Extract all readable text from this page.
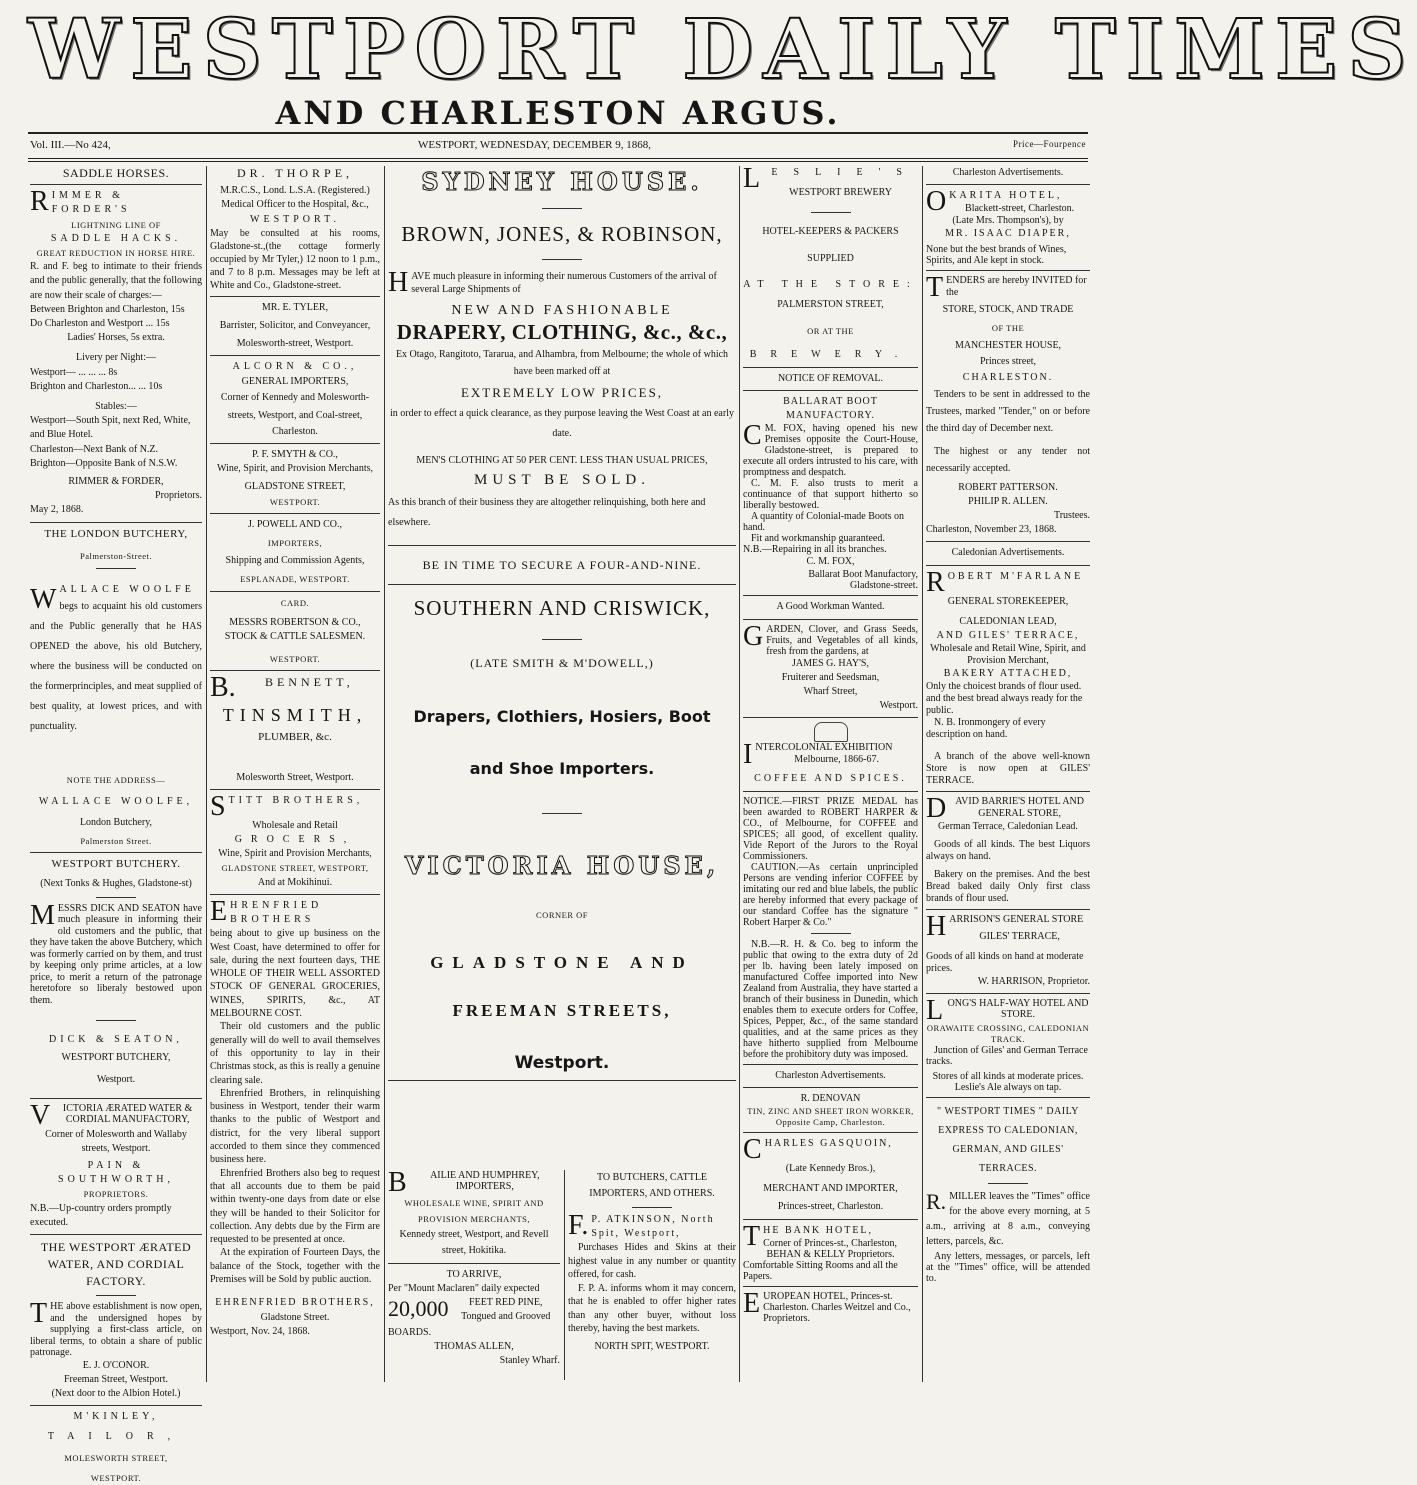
WESTPORT DAILY TIMES
AND CHARLESTON ARGUS.
Vol. III.—No 424,	WESTPORT, WEDNESDAY, DECEMBER 9, 1868,	Price—Fourpence
SADDLE HORSES.
R IMMER & FORDER'S

LIGHTNING LINE OF

SADDLE HACKS.

GREAT REDUCTION IN HORSE HIRE.

R. and F. beg to intimate to their friends and the public generally, that the following are now their scale of charges:—

Between Brighton and Charleston, 15s

Do Charleston and Westport ... 15s

Ladies' Horses, 5s extra.

Livery per Night:—

Westport— ... ... ... 8s

Brighton and Charleston... ... 10s

Stables:—

Westport—South Spit, next Red, White, and Blue Hotel.

Charleston—Next Bank of N.Z.

Brighton—Opposite Bank of N.S.W.

RIMMER & FORDER,

Proprietors.

May 2, 1868.

THE LONDON BUTCHERY,

Palmerston-Street.

W ALLACE WOOLFE

begs to acquaint his old customers and the Public generally that he HAS OPENED the above, his old Butchery, where the business will be conducted on the formerprinciples, and meat supplied of best quality, at lowest prices, and with punctuality.

NOTE THE ADDRESS—

WALLACE WOOLFE,

London Butchery,

Palmerston Street.

WESTPORT BUTCHERY.

(Next Tonks & Hughes, Gladstone-st)

M ESSRS DICK AND SEATON have much pleasure in informing their old customers and the public, that they have taken the above Butchery, which was formerly carried on by them, and trust by keeping only prime articles, at a low price, to merit a return of the patronage heretofore so liberaly bestowed upon them.

DICK & SEATON,

WESTPORT BUTCHERY,

Westport.

V	ICTORIA ÆRATED WATER & CORDIAL MANUFACTORY,

Corner of Molesworth and Wallaby streets, Westport.

PAIN & SOUTHWORTH,

PROPRIETORS.

N.B.—Up-country orders promptly executed.

THE WESTPORT ÆRATED WATER, AND CORDIAL FACTORY.

T HE above establishment is now open, and the undersigned hopes by supplying a first-class article, on liberal terms, to obtain a share of public patronage.

E. J. O'CONOR.

Freeman Street, Westport.

(Next door to the Albion Hotel.)

M'KINLEY,

TAILOR,

MOLESWORTH STREET,

WESTPORT.

DR. THORPE,

M.R.C.S., Lond. L.S.A. (Registered.)

Medical Officer to the Hospital, &c.,

WESTPORT.

May be consulted at his rooms, Gladstone-st.,(the cottage formerly occupied by Mr Tyler,) 12 noon to 1 p.m., and 7 to 8 p.m. Messages may be left at White and Co., Gladstone-street.

MR. E. TYLER,

Barrister, Solicitor, and Conveyancer,

Molesworth-street, Westport.

ALCORN & CO.,

GENERAL IMPORTERS,

Corner of Kennedy and Molesworth-streets, Westport, and Coal-street,

Charleston.

P. F. SMYTH & CO.,

Wine, Spirit, and Provision Merchants,

GLADSTONE STREET,

WESTPORT.

J. POWELL AND CO.,

IMPORTERS,

Shipping and Commission Agents,

ESPLANADE, WESTPORT.

CARD.

MESSRS ROBERTSON & CO.,

STOCK & CATTLE SALESMEN.

WESTPORT.

B.	BENNETT,

TINSMITH,

PLUMBER, &c.

Molesworth Street, Westport.

S TITT BROTHERS,

Wholesale and Retail

GROCERS,

Wine, Spirit and Provision Merchants,

GLADSTONE STREET, WESTPORT,

And at Mokihinui.

E HRENFRIED BROTHERS

being about to give up business on the West Coast, have determined to offer for sale, during the next fourteen days, THE WHOLE OF THEIR WELL ASSORTED STOCK OF GENERAL GROCERIES, WINES, SPIRITS, &c., AT MELBOURNE COST.

Their old customers and the public generally will do well to avail themselves of this opportunity to lay in their Christmas stock, as this is really a genuine clearing sale.

Ehrenfried Brothers, in relinquishing business in Westport, tender their warm thanks to the public of Westport and district, for the very liberal support accorded to them since they commenced business here.

Ehrenfried Brothers also beg to request that all accounts due to them be paid within twenty-one days from date or else they will be handed to their Solicitor for collection. Any debts due by the Firm are requested to be presented at once.

At the expiration of Fourteen Days, the balance of the Stock, together with the Premises will be Sold by public auction.

EHRENFRIED BROTHERS,

Gladstone Street.

Westport, Nov. 24, 1868.

SYDNEY HOUSE.
BROWN, JONES, & ROBINSON,
H AVE much pleasure in informing their numerous Customers of the arrival of several Large Shipments of

NEW AND FASHIONABLE

DRAPERY, CLOTHING, &c., &c.,

Ex Otago, Rangitoto, Tararua, and Alhambra, from Melbourne; the whole of which have been marked off at

EXTREMELY LOW PRICES,

in order to effect a quick clearance, as they purpose leaving the West Coast at an early date.

MEN'S CLOTHING AT 50 PER CENT. LESS THAN USUAL PRICES,

MUST BE SOLD.

As this branch of their business they are altogether relinquishing, both here and elsewhere.

BE IN TIME TO SECURE A FOUR-AND-NINE.

SOUTHERN AND CRISWICK,

(LATE SMITH & M'DOWELL,)

Drapers, Clothiers, Hosiers, Boot

and Shoe Importers.

VICTORIA HOUSE,

CORNER OF

GLADSTONE AND

FREEMAN STREETS,

Westport.

B	AILIE AND HUMPHREY, IMPORTERS,

WHOLESALE WINE, SPIRIT AND PROVISION MERCHANTS,

Kennedy street, Westport, and Revell street, Hokitika.

TO ARRIVE,

Per "Mount Maclaren" daily expected

20,000	FEET RED PINE, Tongued and Grooved

BOARDS.

THOMAS ALLEN,

Stanley Wharf.

TO BUTCHERS, CATTLE IMPORTERS, AND OTHERS.

F. P. ATKINSON, North Spit, Westport,

Purchases Hides and Skins at their highest value in any number or quantity offered, for cash.

F. P. A. informs whom it may concern, that he is enabled to offer higher rates than any other buyer, without loss thereby, having the best markets.

NORTH SPIT, WESTPORT.

L	ESLIE'S

WESTPORT BREWERY

HOTEL-KEEPERS & PACKERS

SUPPLIED

AT THE STORE:

PALMERSTON STREET,

OR AT THE

BREWERY.

NOTICE OF REMOVAL.

BALLARAT BOOT MANUFACTORY.

C M. FOX, having opened his new Premises opposite the Court-House, Gladstone-street, is prepared to execute all orders intrusted to his care, with promptness and despatch.

C. M. F. also trusts to merit a continuance of that support hitherto so liberally bestowed.

A quantity of Colonial-made Boots on hand.

Fit and workmanship guaranteed.

N.B.—Repairing in all its branches.

C. M. FOX,

Ballarat Boot Manufactory,

Gladstone-street.

A Good Workman Wanted.

G ARDEN, Clover, and Grass Seeds, Fruits, and Vegetables of all kinds, fresh from the gardens, at

JAMES G. HAY'S,

Fruiterer and Seedsman,

Wharf Street,

Westport.

I NTERCOLONIAL EXHIBITION

Melbourne, 1866-67.

COFFEE AND SPICES.

NOTICE.—FIRST PRIZE MEDAL has been awarded to ROBERT HARPER & CO., of Melbourne, for COFFEE and SPICES; all good, of excellent quality. Vide Report of the Jurors to the Royal Commissioners.

CAUTION.—As certain unprincipled Persons are vending inferior COFFEE by imitating our red and blue labels, the public are hereby informed that every package of our standard Coffee has the signature " Robert Harper & Co."

N.B.—R. H. & Co. beg to inform the public that owing to the extra duty of 2d per lb. having been lately imposed on manufactured Coffee imported into New Zealand from Australia, they have started a branch of their business in Dunedin, which enables them to execute orders for Coffee, Spices, Pepper, &c., of the same standard qualities, and at the same prices as they have hitherto supplied from Melbourne before the prohibitory duty was imposed.

Charleston Advertisements.

R. DENOVAN

TIN, ZINC AND SHEET IRON WORKER, Opposite Camp, Charleston.

C HARLES GASQUOIN,

(Late Kennedy Bros.),

MERCHANT AND IMPORTER,

Princes-street, Charleston.

T HE BANK HOTEL,

Corner of Princes-st., Charleston,

BEHAN & KELLY Proprietors.

Comfortable Sitting Rooms and all the Papers.

E UROPEAN HOTEL, Princes-st. Charleston. Charles Weitzel and Co., Proprietors.

Charleston Advertisements.

O KARITA HOTEL,

Blackett-street, Charleston.

(Late Mrs. Thompson's), by

MR. ISAAC DIAPER,

None but the best brands of Wines, Spirits, and Ale kept in stock.

T ENDERS are hereby INVITED for the

STORE, STOCK, AND TRADE

OF THE

MANCHESTER HOUSE,

Princes street,

CHARLESTON.

Tenders to be sent in addressed to the Trustees, marked "Tender," on or before the third day of December next.

The highest or any tender not necessarily accepted.

ROBERT PATTERSON.

PHILIP R. ALLEN.

Trustees.

Charleston, November 23, 1868.

Caledonian Advertisements.

R OBERT M'FARLANE

GENERAL STOREKEEPER,

CALEDONIAN LEAD,

AND GILES' TERRACE,

Wholesale and Retail Wine, Spirit, and Provision Merchant,

BAKERY ATTACHED,

Only the choicest brands of flour used. and the best bread always ready for the public.

N. B. Ironmongery of every description on hand.

A branch of the above well-known Store is now open at GILES' TERRACE.

D AVID BARRIE'S HOTEL AND GENERAL STORE,

German Terrace, Caledonian Lead.

Goods of all kinds. The best Liquors always on hand.

Bakery on the premises. And the best Bread baked daily Only first class brands of flour used.

H ARRISON'S GENERAL STORE

GILES' TERRACE,

Goods of all kinds on hand at moderate prices.

W. HARRISON, Proprietor.

L ONG'S HALF-WAY HOTEL AND STORE.

ORAWAITE CROSSING, CALEDONIAN TRACK.

Junction of Giles' and German Terrace tracks.

Stores of all kinds at moderate prices. Leslie's Ale always on tap.

" WESTPORT TIMES " DAILY EXPRESS TO CALEDONIAN, GERMAN, AND GILES' TERRACES.

R. MILLER leaves the "Times" office for the above every morning, at 5 a.m., arriving at 8 a.m., conveying letters, parcels, &c.

Any letters, messages, or parcels, left at the "Times" office, will be attended to.
